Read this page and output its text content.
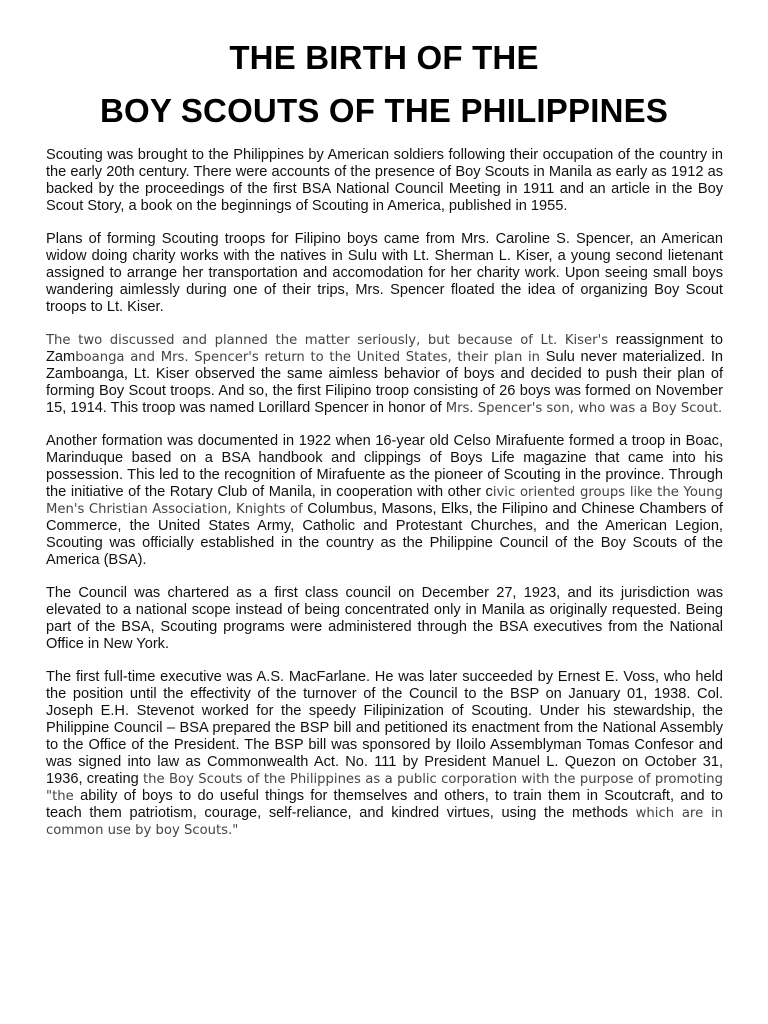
THE BIRTH OF THE
BOY SCOUTS OF THE PHILIPPINES

Scouting was brought to the Philippines by American soldiers following their occupation of the country in the early 20th century. There were accounts of the presence of Boy Scouts in Manila as early as 1912 as backed by the proceedings of the first BSA National Council Meeting in 1911 and an article in the Boy Scout Story, a book on the beginnings of Scouting in America, published in 1955.

Plans of forming Scouting troops for Filipino boys came from Mrs. Caroline S. Spencer, an American widow doing charity works with the natives in Sulu with Lt. Sherman L. Kiser, a young second lietenant assigned to arrange her transportation and accomodation for her charity work. Upon seeing small boys wandering aimlessly during one of their trips, Mrs. Spencer floated the idea of organizing Boy Scout troops to Lt. Kiser.

The two discussed and planned the matter seriously, but because of Lt. Kiser's reassignment to Zamboanga and Mrs. Spencer's return to the United States, their plan in Sulu never materialized. In Zamboanga, Lt. Kiser observed the same aimless behavior of boys and decided to push their plan of forming Boy Scout troops. And so, the first Filipino troop consisting of 26 boys was formed on November 15, 1914. This troop was named Lorillard Spencer in honor of Mrs. Spencer's son, who was a Boy Scout.

Another formation was documented in 1922 when 16-year old Celso Mirafuente formed a troop in Boac, Marinduque based on a BSA handbook and clippings of Boys Life magazine that came into his possession. This led to the recognition of Mirafuente as the pioneer of Scouting in the province. Through the initiative of the Rotary Club of Manila, in cooperation with other civic oriented groups like the Young Men's Christian Association, Knights of Columbus, Masons, Elks, the Filipino and Chinese Chambers of Commerce, the United States Army, Catholic and Protestant Churches, and the American Legion, Scouting was officially established in the country as the Philippine Council of the Boy Scouts of the America (BSA).

The Council was chartered as a first class council on December 27, 1923, and its jurisdiction was elevated to a national scope instead of being concentrated only in Manila as originally requested. Being part of the BSA, Scouting programs were administered through the BSA executives from the National Office in New York.

The first full-time executive was A.S. MacFarlane. He was later succeeded by Ernest E. Voss, who held the position until the effectivity of the turnover of the Council to the BSP on January 01, 1938. Col. Joseph E.H. Stevenot worked for the speedy Filipinization of Scouting. Under his stewardship, the Philippine Council – BSA prepared the BSP bill and petitioned its enactment from the National Assembly to the Office of the President. The BSP bill was sponsored by Iloilo Assemblyman Tomas Confesor and was signed into law as Commonwealth Act. No. 111 by President Manuel L. Quezon on October 31, 1936, creating the Boy Scouts of the Philippines as a public corporation with the purpose of promoting "the ability of boys to do useful things for themselves and others, to train them in Scoutcraft, and to teach them patriotism, courage, self-reliance, and kindred virtues, using the methods which are in common use by boy Scouts."
